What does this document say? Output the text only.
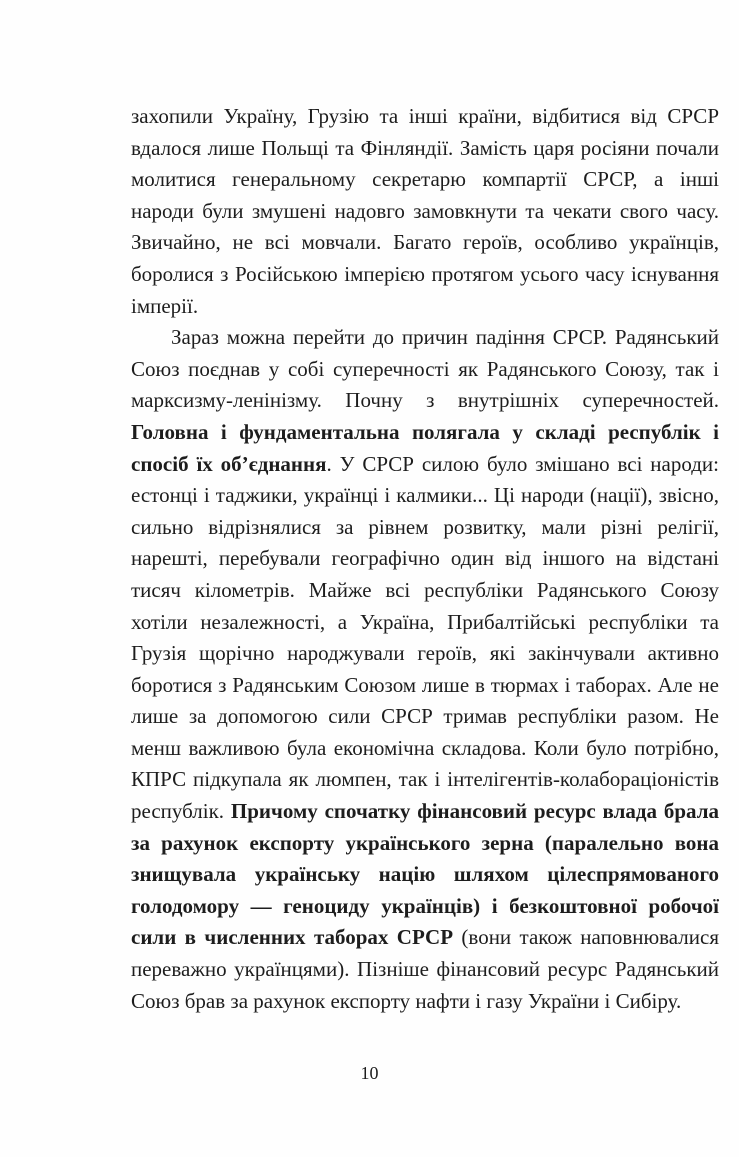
захопили Україну, Грузію та інші країни, відбитися від СРСР вдалося лише Польщі та Фінляндії. Замість царя росіяни почали молитися генеральному секретарю компартії СРСР, а інші народи були змушені надовго замовкнути та чекати свого часу. Звичайно, не всі мовчали. Багато героїв, особливо українців, боролися з Російською імперією протягом усього часу існування імперії.

Зараз можна перейти до причин падіння СРСР. Радянський Союз поєднав у собі суперечності як Радянського Союзу, так і марксизму-ленінізму. Почну з внутрішніх суперечностей. Головна і фундаментальна полягала у складі республік і спосіб їх об’єднання. У СРСР силою було змішано всі народи: естонці і таджики, українці і калмики... Ці народи (нації), звісно, сильно відрізнялися за рівнем розвитку, мали різні релігії, нарешті, перебували географічно один від іншого на відстані тисяч кілометрів. Майже всі республіки Радянського Союзу хотіли незалежності, а Україна, Прибалтійські республіки та Грузія щорічно народжували героїв, які закінчували активно боротися з Радянським Союзом лише в тюрмах і таборах. Але не лише за допомогою сили СРСР тримав республіки разом. Не менш важливою була економічна складова. Коли було потрібно, КПРС підкупала як люмпен, так і інтелігентів-колабораціоністів республік. Причому спочатку фінансовий ресурс влада брала за рахунок експорту українського зерна (паралельно вона знищувала українську націю шляхом цілеспрямованого голодомору — геноциду українців) і безкоштовної робочої сили в численних таборах СРСР (вони також наповнювалися переважно українцями). Пізніше фінансовий ресурс Радянський Союз брав за рахунок експорту нафти і газу України і Сибіру.

10
